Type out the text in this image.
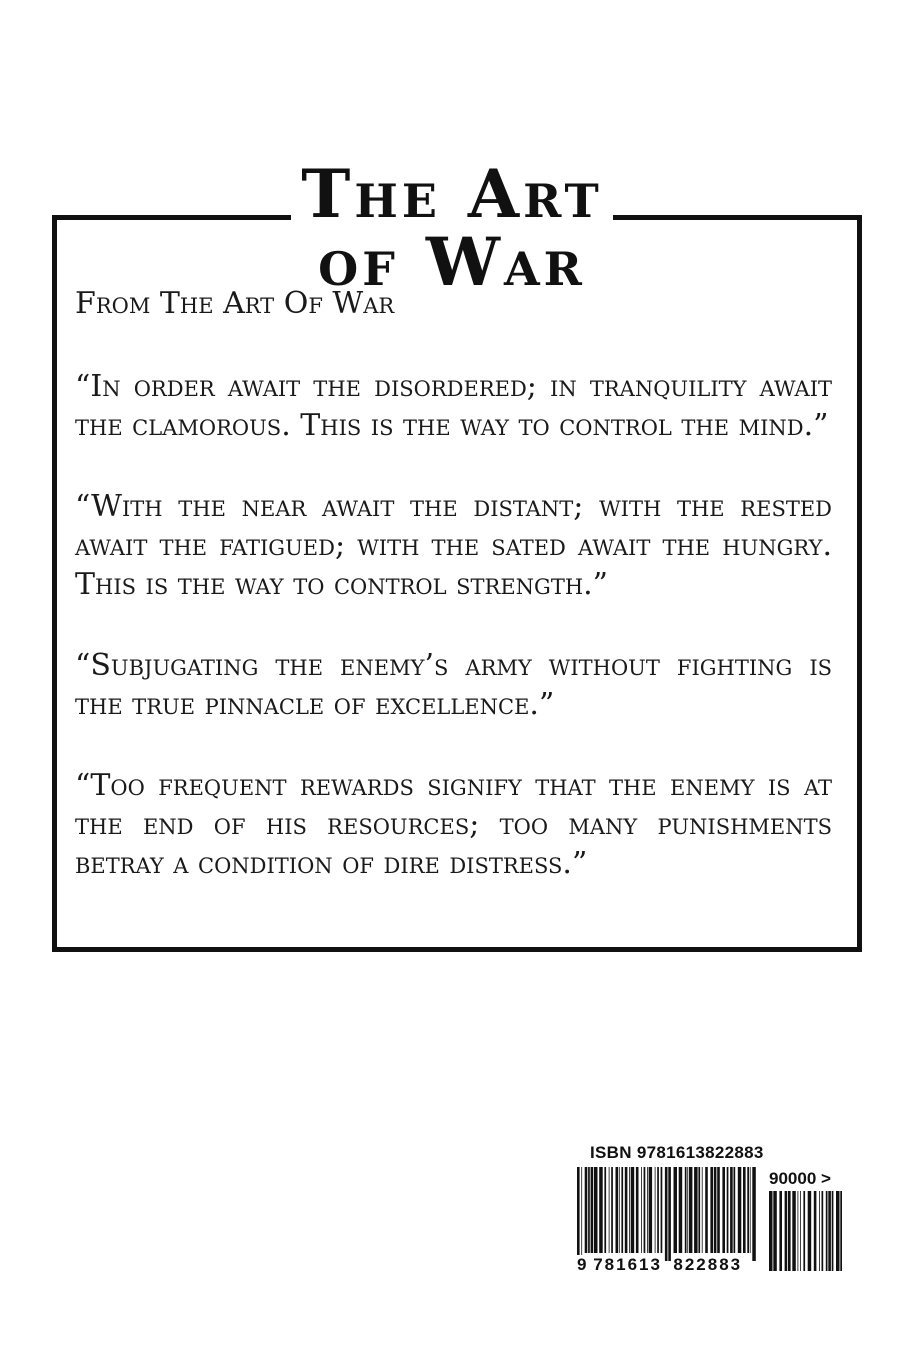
The Art
of War

From The Art Of War

“In order await the disordered; in tranquility await the clamorous. This is the way to control the mind.”

“With the near await the distant; with the rested await the fatigued; with the sated await the hungry. This is the way to control strength.”

“Subjugating the enemy’s army without fighting is the true pinnacle of excellence.”

“Too frequent rewards signify that the enemy is at the end of his resources; too many punishments betray a condition of dire distress.”

ISBN 9781613822883
90000 >
9 781613 822883
